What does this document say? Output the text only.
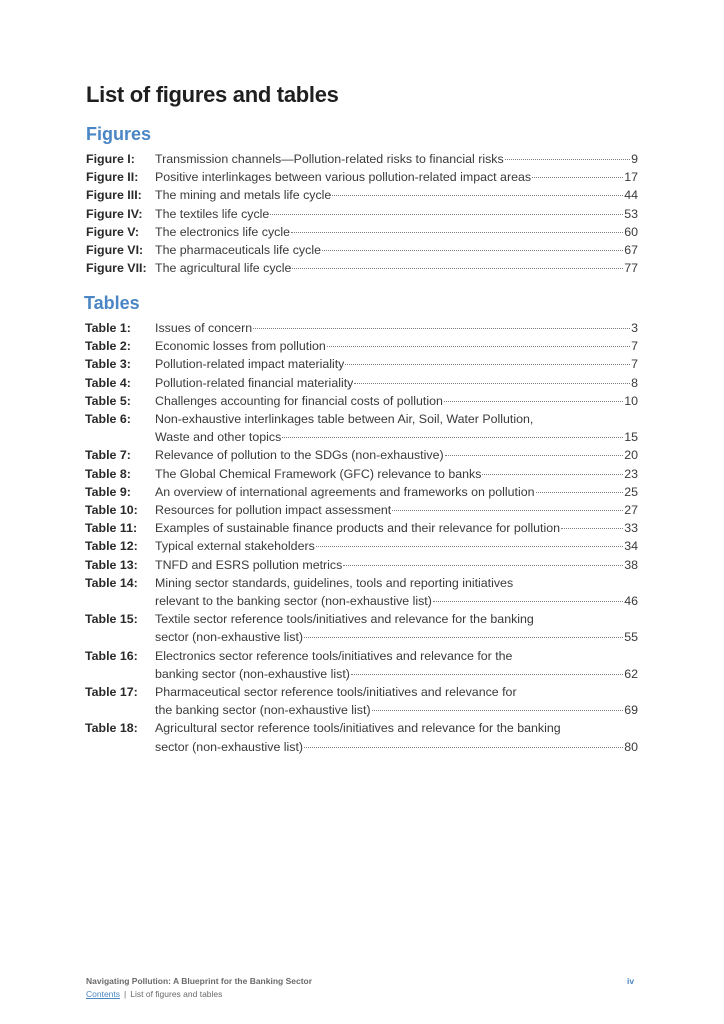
List of figures and tables
Figures
Figure I:	Transmission channels—Pollution-related risks to financial risks	9
Figure II:	Positive interlinkages between various pollution-related impact areas	17
Figure III:	The mining and metals life cycle	44
Figure IV:	The textiles life cycle	53
Figure V:	The electronics life cycle	60
Figure VI: The pharmaceuticals life cycle	67
Figure VII: The agricultural life cycle	77
Tables
Table 1:	Issues of concern	3
Table 2:	Economic losses from pollution	7
Table 3:	Pollution-related impact materiality	7
Table 4:	Pollution-related financial materiality	8
Table 5:	Challenges accounting for financial costs of pollution	10
Table 6:	Non-exhaustive interlinkages table between Air, Soil, Water Pollution,
Waste and other topics	15
Table 7:	Relevance of pollution to the SDGs (non-exhaustive)	20
Table 8:	The Global Chemical Framework (GFC) relevance to banks	23
Table 9:	An overview of international agreements and frameworks on pollution	25
Table 10:	Resources for pollution impact assessment	27
Table 11:	Examples of sustainable finance products and their relevance for pollution	33
Table 12:	Typical external stakeholders	34
Table 13:	TNFD and ESRS pollution metrics	38
Table 14:	Mining sector standards, guidelines, tools and reporting initiatives
relevant to the banking sector (non-exhaustive list)	46
Table 15:	Textile sector reference tools/initiatives and relevance for the banking
sector (non-exhaustive list)	55
Table 16:	Electronics sector reference tools/initiatives and relevance for the
banking sector (non-exhaustive list)	62
Table 17:	Pharmaceutical sector reference tools/initiatives and relevance for
the banking sector (non-exhaustive list)	69
Table 18:	Agricultural sector reference tools/initiatives and relevance for the banking
sector (non-exhaustive list)	80
Navigating Pollution: A Blueprint for the Banking Sector	iv
Contents | List of figures and tables
